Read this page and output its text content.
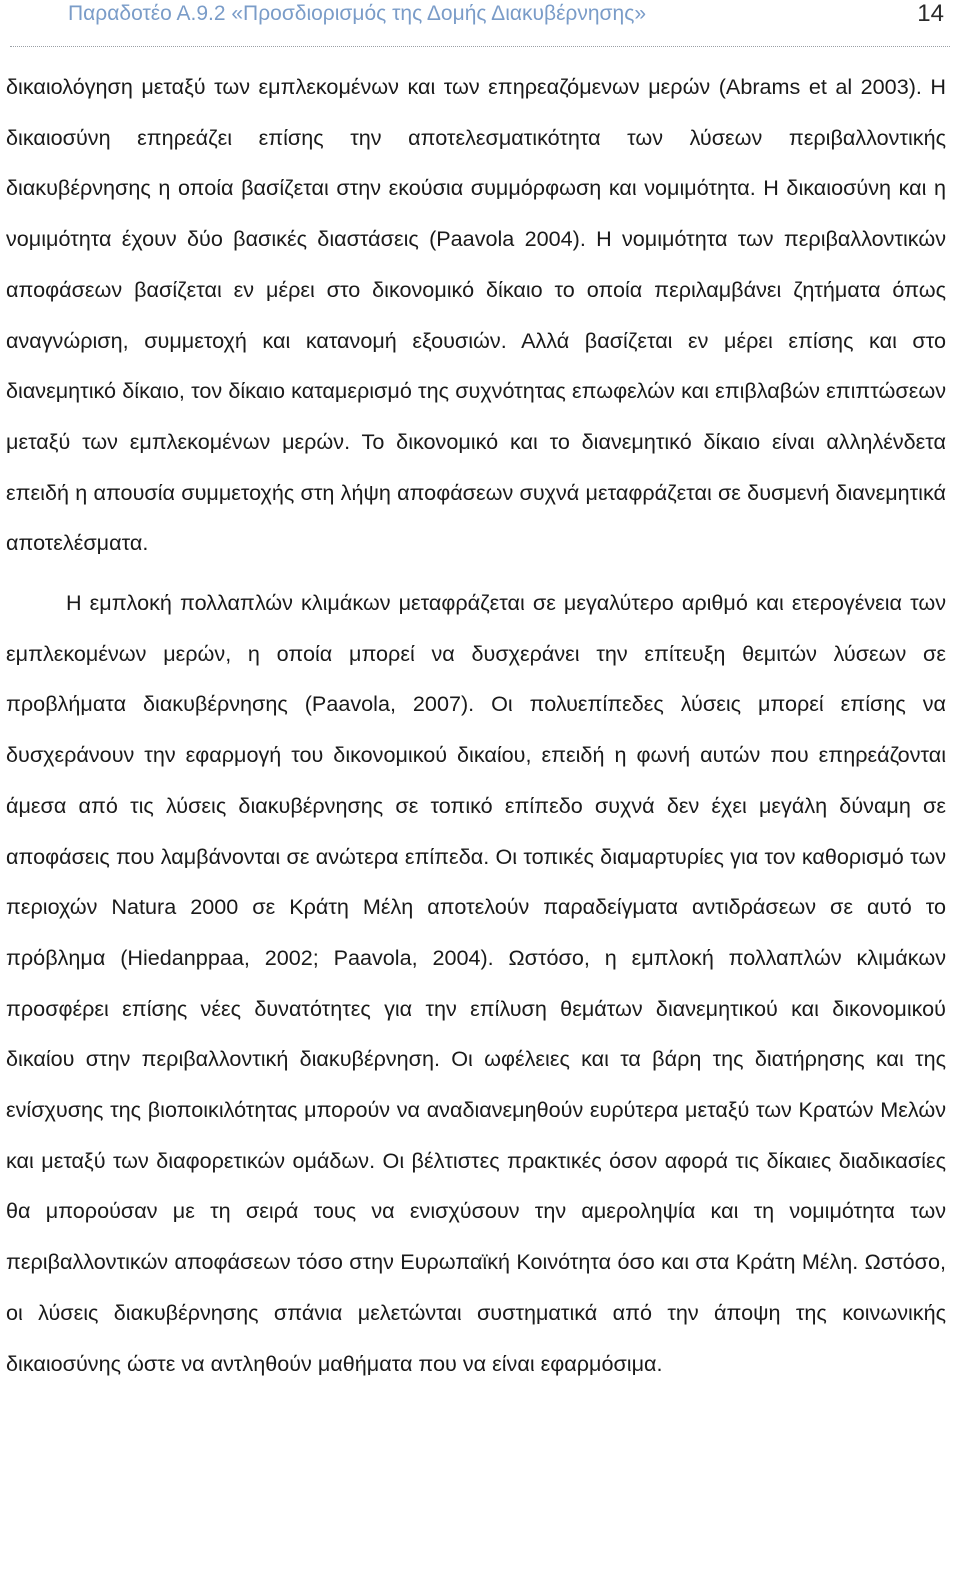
Παραδοτέο Α.9.2 «Προσδιορισμός της Δομής Διακυβέρνησης»	14

δικαιολόγηση μεταξύ των εμπλεκομένων και των επηρεαζόμενων μερών (Abrams et al 2003). Η δικαιοσύνη επηρεάζει επίσης την αποτελεσματικότητα των λύσεων περιβαλλοντικής διακυβέρνησης η οποία βασίζεται στην εκούσια συμμόρφωση και νομιμότητα. Η δικαιοσύνη και η νομιμότητα έχουν δύο βασικές διαστάσεις (Paavola 2004). Η νομιμότητα των περιβαλλοντικών αποφάσεων βασίζεται εν μέρει στο δικονομικό δίκαιο το οποία περιλαμβάνει ζητήματα όπως αναγνώριση, συμμετοχή και κατανομή εξουσιών. Αλλά βασίζεται εν μέρει επίσης και στο διανεμητικό δίκαιο, τον δίκαιο καταμερισμό της συχνότητας επωφελών και επιβλαβών επιπτώσεων μεταξύ των εμπλεκομένων μερών. Το δικονομικό και το διανεμητικό δίκαιο είναι αλληλένδετα επειδή η απουσία συμμετοχής στη λήψη αποφάσεων συχνά μεταφράζεται σε δυσμενή διανεμητικά αποτελέσματα.

Η εμπλοκή πολλαπλών κλιμάκων μεταφράζεται σε μεγαλύτερο αριθμό και ετερογένεια των εμπλεκομένων μερών, η οποία μπορεί να δυσχεράνει την επίτευξη θεμιτών λύσεων σε προβλήματα διακυβέρνησης (Paavola, 2007). Οι πολυεπίπεδες λύσεις μπορεί επίσης να δυσχεράνουν την εφαρμογή του δικονομικού δικαίου, επειδή η φωνή αυτών που επηρεάζονται άμεσα από τις λύσεις διακυβέρνησης σε τοπικό επίπεδο συχνά δεν έχει μεγάλη δύναμη σε αποφάσεις που λαμβάνονται σε ανώτερα επίπεδα. Οι τοπικές διαμαρτυρίες για τον καθορισμό των περιοχών Natura 2000 σε Κράτη Μέλη αποτελούν παραδείγματα αντιδράσεων σε αυτό το πρόβλημα (Hiedanppaa, 2002; Paavola, 2004). Ωστόσο, η εμπλοκή πολλαπλών κλιμάκων προσφέρει επίσης νέες δυνατότητες για την επίλυση θεμάτων διανεμητικού και δικονομικού δικαίου στην περιβαλλοντική διακυβέρνηση. Οι ωφέλειες και τα βάρη της διατήρησης και της ενίσχυσης της βιοποικιλότητας μπορούν να αναδιανεμηθούν ευρύτερα μεταξύ των Κρατών Μελών και μεταξύ των διαφορετικών ομάδων. Οι βέλτιστες πρακτικές όσον αφορά τις δίκαιες διαδικασίες θα μπορούσαν με τη σειρά τους να ενισχύσουν την αμεροληψία και τη νομιμότητα των περιβαλλοντικών αποφάσεων τόσο στην Ευρωπαϊκή Κοινότητα όσο και στα Κράτη Μέλη. Ωστόσο, οι λύσεις διακυβέρνησης σπάνια μελετώνται συστηματικά από την άποψη της κοινωνικής δικαιοσύνης ώστε να αντληθούν μαθήματα που να είναι εφαρμόσιμα.
